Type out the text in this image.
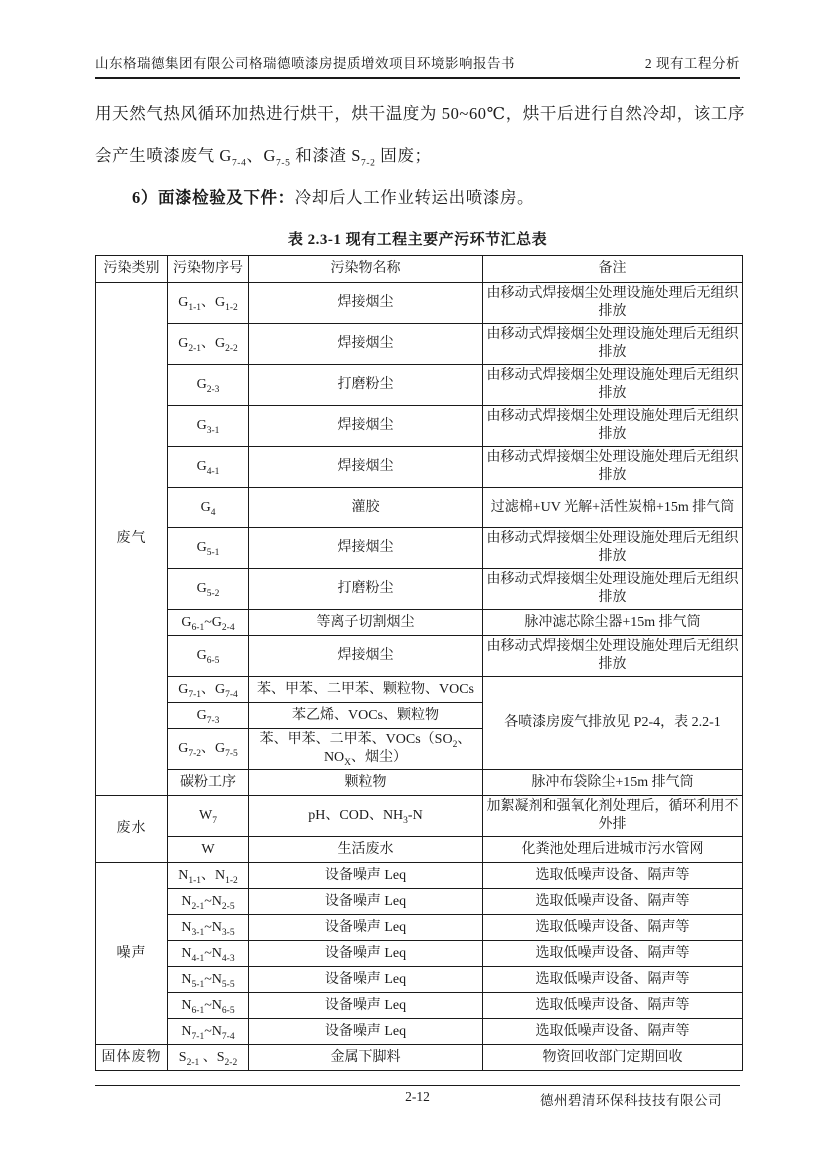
山东格瑞德集团有限公司格瑞德喷漆房提质增效项目环境影响报告书	2 现有工程分析
用天然气热风循环加热进行烘干，烘干温度为 50~60℃，烘干后进行自然冷却，该工序
会产生喷漆废气 $G_{7-4}$、$G_{7-5}$ 和漆渣 $S_{7-2}$ 固废；
6）面漆检验及下件：冷却后人工作业转运出喷漆房。
表 2.3-1 现有工程主要产污环节汇总表
污染类别	污染物序号	污染物名称	备注
废气	$G_{1-1}$、$G_{1-2}$	焊接烟尘	由移动式焊接烟尘处理设施处理后无组织排放
	$G_{2-1}$、$G_{2-2}$	焊接烟尘	由移动式焊接烟尘处理设施处理后无组织排放
	$G_{2-3}$	打磨粉尘	由移动式焊接烟尘处理设施处理后无组织排放
	$G_{3-1}$	焊接烟尘	由移动式焊接烟尘处理设施处理后无组织排放
	$G_{4-1}$	焊接烟尘	由移动式焊接烟尘处理设施处理后无组织排放
	$G_4$	灌胶	过滤棉+UV 光解+活性炭棉+15m 排气筒
	$G_{5-1}$	焊接烟尘	由移动式焊接烟尘处理设施处理后无组织排放
	$G_{5-2}$	打磨粉尘	由移动式焊接烟尘处理设施处理后无组织排放
	$G_{6-1}\sim G_{2-4}$	等离子切割烟尘	脉冲滤芯除尘器+15m 排气筒
	$G_{6-5}$	焊接烟尘	由移动式焊接烟尘处理设施处理后无组织排放
	$G_{7-1}$、$G_{7-4}$	苯、甲苯、二甲苯、颗粒物、VOCs	各喷漆房废气排放见 P2-4，表 2.2-1
	$G_{7-3}$	苯乙烯、VOCs、颗粒物	
	$G_{7-2}$、$G_{7-5}$	苯、甲苯、二甲苯、$VOCs(SO_2$、$NO_X$、烟尘）	
	碳粉工序	颗粒物	脉冲布袋除尘+15m 排气筒
废水	$W_7$	pH、COD、$NH_3-N$	加絮凝剂和强氧化剂处理后，循环利用不外排
	W	生活废水	化粪池处理后进城市污水管网
噪声	$N_{1-1}$、$N_{1-2}$	设备噪声 Leq	选取低噪声设备、隔声等
	$N_{2-1}\sim N_{2-5}$	设备噪声 Leq	选取低噪声设备、隔声等
	$N_{3-1}\sim N_{3-5}$	设备噪声 Leq	选取低噪声设备、隔声等
	$N_{4-1}\sim N_{4-3}$	设备噪声 Leq	选取低噪声设备、隔声等
	$N_{5-1}\sim N_{5-5}$	设备噪声 Leq	选取低噪声设备、隔声等
	$N_{6-1}\sim N_{6-5}$	设备噪声 Leq	选取低噪声设备、隔声等
	$N_{7-1}\sim N_{7-4}$	设备噪声 Leq	选取低噪声设备、隔声等
固体废物	$S_{2-1}$ 、$S_{2-2}$	金属下脚料	物资回收部门定期回收
2-12	德州碧清环保科技技有限公司
